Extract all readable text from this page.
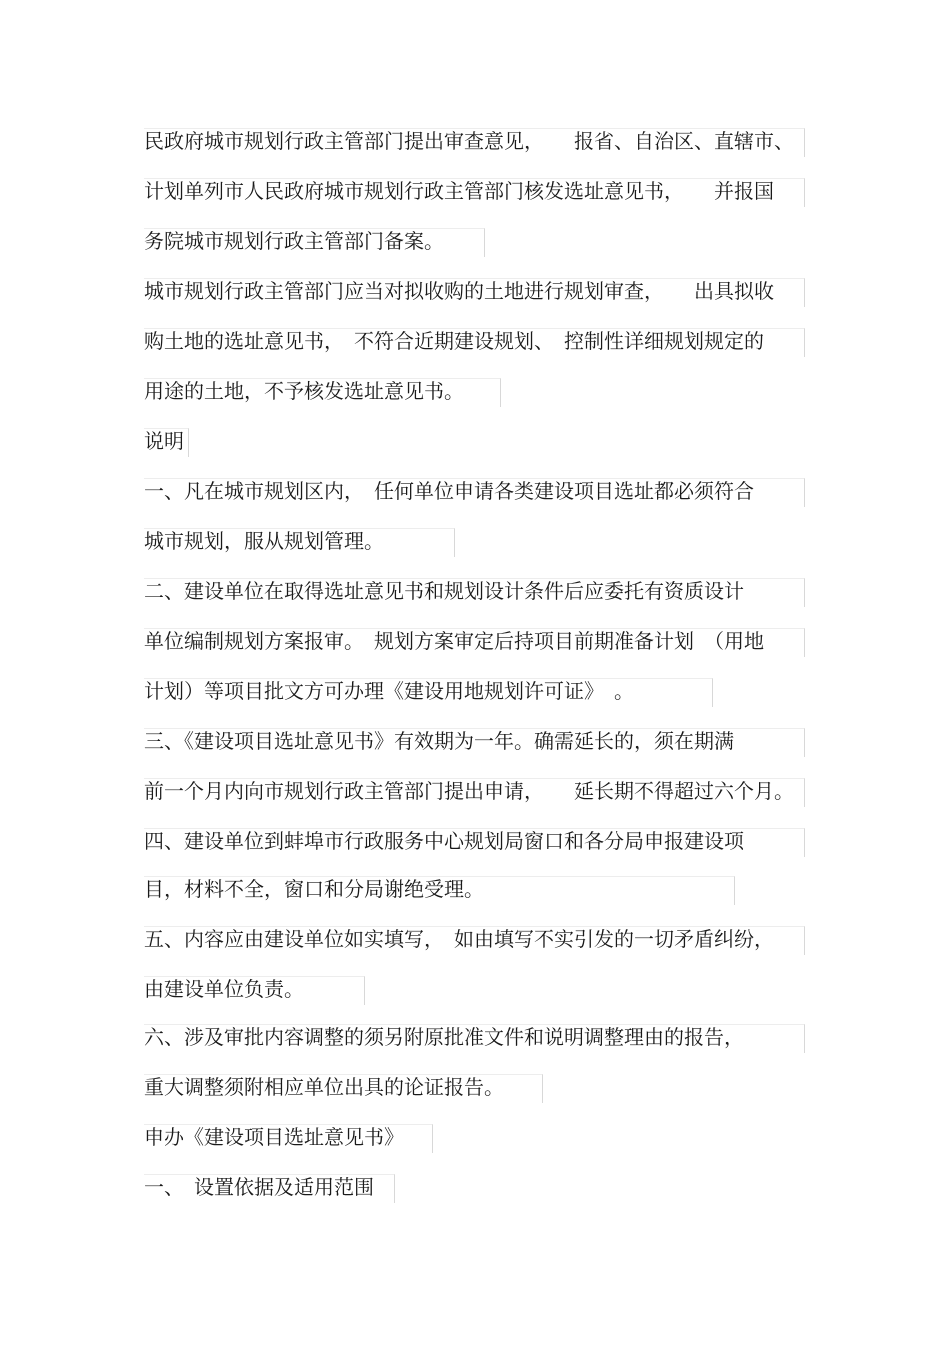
民政府城市规划行政主管部门提出审查意见，　　报省、自治区、直辖市、
计划单列市人民政府城市规划行政主管部门核发选址意见书，　　并报国
务院城市规划行政主管部门备案。
城市规划行政主管部门应当对拟收购的土地进行规划审查，　　出具拟收
购土地的选址意见书，　不符合近期建设规划、　控制性详细规划规定的
用途的土地，不予核发选址意见书。
说明
一、凡在城市规划区内，　任何单位申请各类建设项目选址都必须符合
城市规划，服从规划管理。
二、建设单位在取得选址意见书和规划设计条件后应委托有资质设计
单位编制规划方案报审。　规划方案审定后持项目前期准备计划　（用地
计划）等项目批文方可办理《建设用地规划许可证》　。
三、《建设项目选址意见书》有效期为一年。确需延长的，须在期满
前一个月内向市规划行政主管部门提出申请，　　延长期不得超过六个月。
四、建设单位到蚌埠市行政服务中心规划局窗口和各分局申报建设项
目，材料不全，窗口和分局谢绝受理。
五、内容应由建设单位如实填写，　如由填写不实引发的一切矛盾纠纷，
由建设单位负责。
六、涉及审批内容调整的须另附原批准文件和说明调整理由的报告，
重大调整须附相应单位出具的论证报告。
申办《建设项目选址意见书》
一、　设置依据及适用范围
